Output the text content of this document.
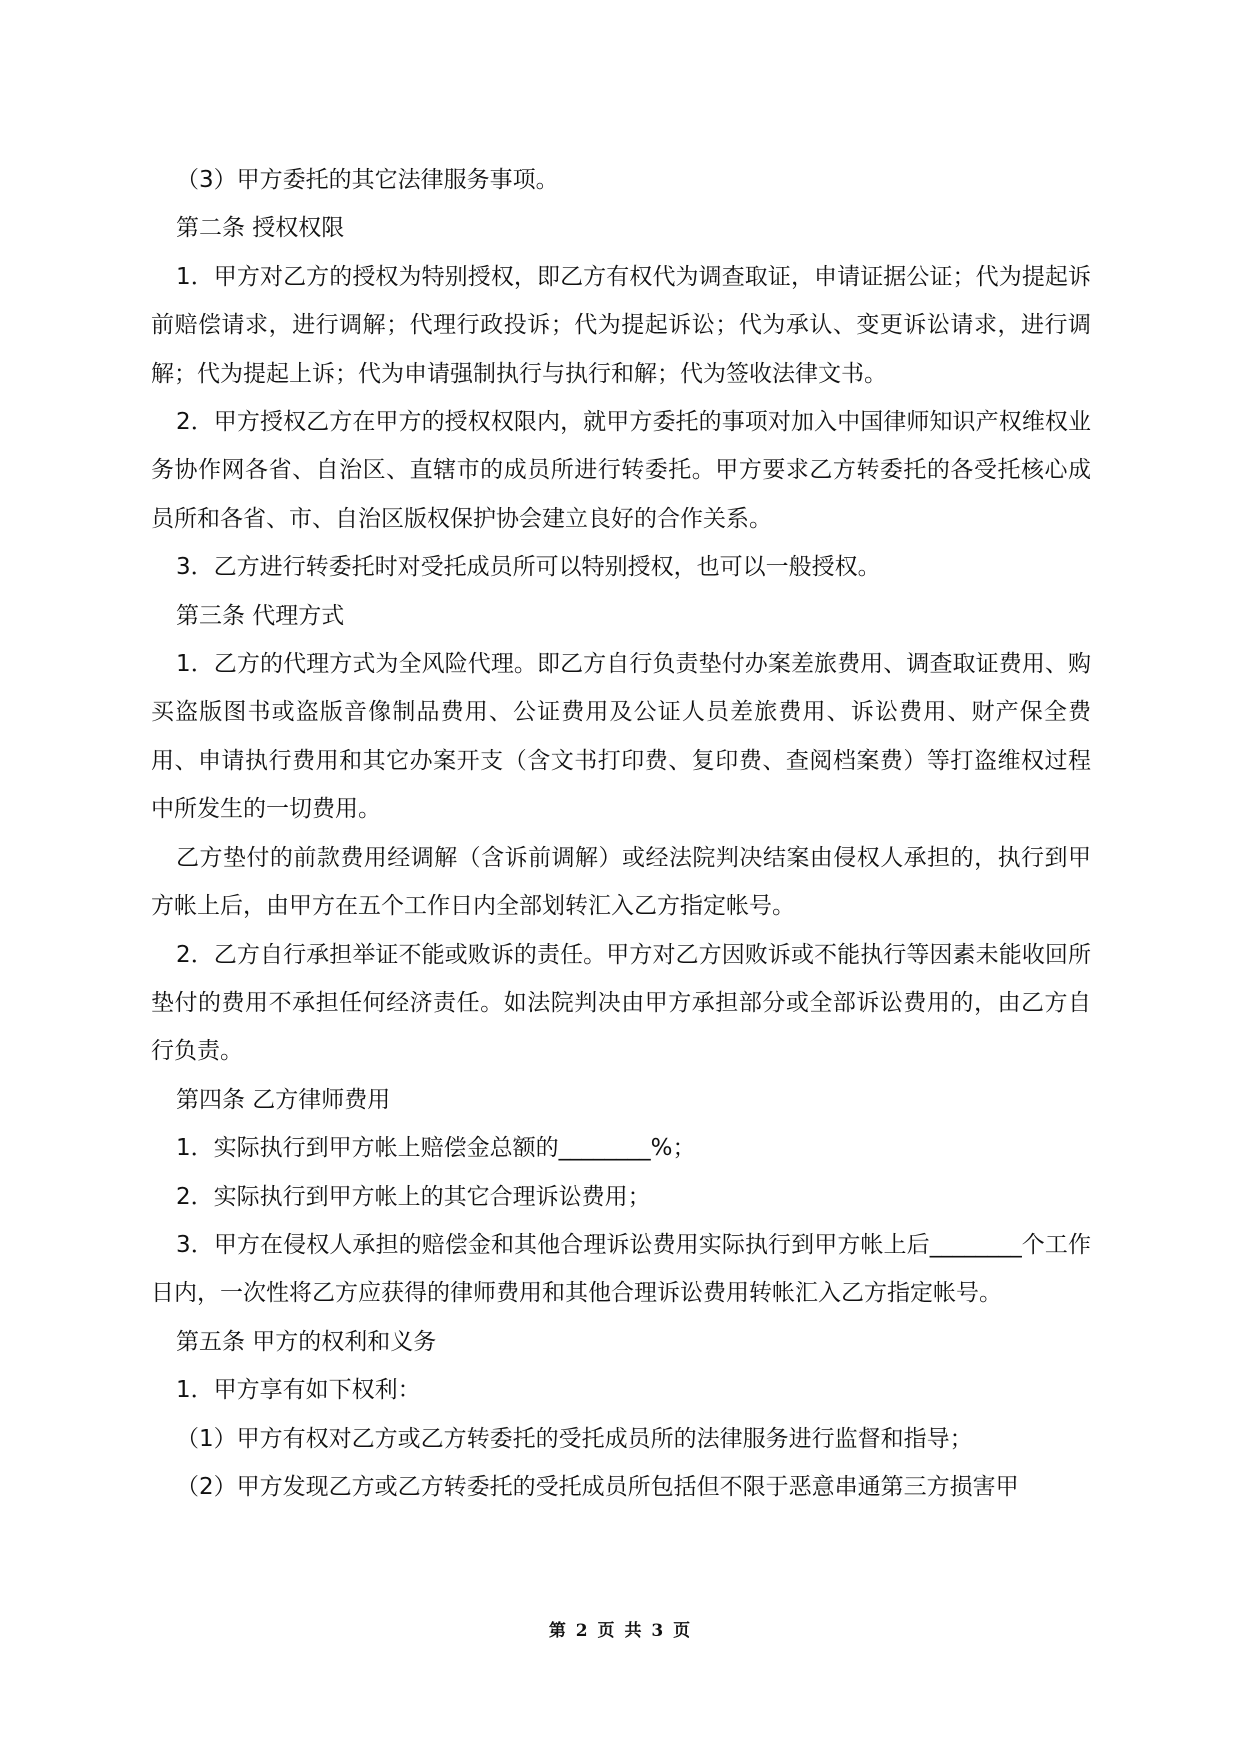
（3）甲方委托的其它法律服务事项。

第二条 授权权限

1．甲方对乙方的授权为特别授权，即乙方有权代为调查取证，申请证据公证；代为提起诉前赔偿请求，进行调解；代理行政投诉；代为提起诉讼；代为承认、变更诉讼请求，进行调解；代为提起上诉；代为申请强制执行与执行和解；代为签收法律文书。

2．甲方授权乙方在甲方的授权权限内，就甲方委托的事项对加入中国律师知识产权维权业务协作网各省、自治区、直辖市的成员所进行转委托。甲方要求乙方转委托的各受托核心成员所和各省、市、自治区版权保护协会建立良好的合作关系。

3．乙方进行转委托时对受托成员所可以特别授权，也可以一般授权。

第三条 代理方式

1．乙方的代理方式为全风险代理。即乙方自行负责垫付办案差旅费用、调查取证费用、购买盗版图书或盗版音像制品费用、公证费用及公证人员差旅费用、诉讼费用、财产保全费用、申请执行费用和其它办案开支（含文书打印费、复印费、查阅档案费）等打盗维权过程中所发生的一切费用。

乙方垫付的前款费用经调解（含诉前调解）或经法院判决结案由侵权人承担的，执行到甲方帐上后，由甲方在五个工作日内全部划转汇入乙方指定帐号。

2．乙方自行承担举证不能或败诉的责任。甲方对乙方因败诉或不能执行等因素未能收回所垫付的费用不承担任何经济责任。如法院判决由甲方承担部分或全部诉讼费用的，由乙方自行负责。

第四条 乙方律师费用

1．实际执行到甲方帐上赔偿金总额的________%；

2．实际执行到甲方帐上的其它合理诉讼费用；

3．甲方在侵权人承担的赔偿金和其他合理诉讼费用实际执行到甲方帐上后________个工作日内，一次性将乙方应获得的律师费用和其他合理诉讼费用转帐汇入乙方指定帐号。

第五条 甲方的权利和义务

1．甲方享有如下权利：

（1）甲方有权对乙方或乙方转委托的受托成员所的法律服务进行监督和指导；

（2）甲方发现乙方或乙方转委托的受托成员所包括但不限于恶意串通第三方损害甲

第 2 页 共 3 页
